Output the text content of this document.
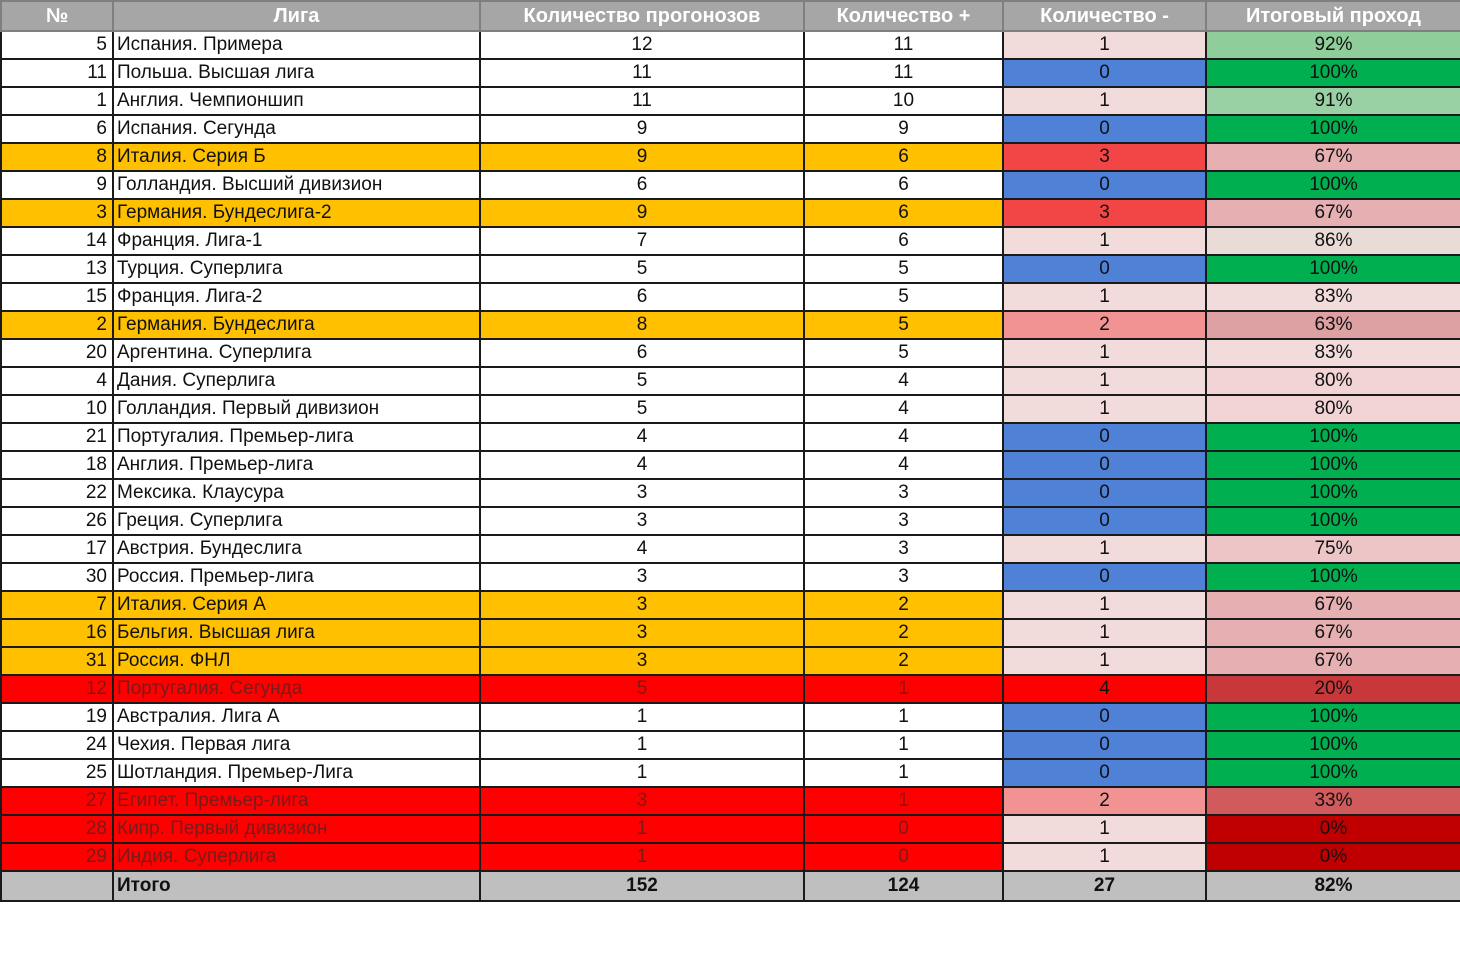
№	Лига	Количество прогонозов	Количество +	Количество -	Итоговый проход
5	Испания. Примера	12	11	1	92%
11	Польша. Высшая лига	11	11	0	100%
1	Англия. Чемпионшип	11	10	1	91%
6	Испания. Сегунда	9	9	0	100%
8	Италия. Серия Б	9	6	3	67%
9	Голландия. Высший дивизион	6	6	0	100%
3	Германия. Бундеслига-2	9	6	3	67%
14	Франция. Лига-1	7	6	1	86%
13	Турция. Суперлига	5	5	0	100%
15	Франция. Лига-2	6	5	1	83%
2	Германия. Бундеслига	8	5	2	63%
20	Аргентина. Суперлига	6	5	1	83%
4	Дания. Суперлига	5	4	1	80%
10	Голландия. Первый дивизион	5	4	1	80%
21	Португалия. Премьер-лига	4	4	0	100%
18	Англия. Премьер-лига	4	4	0	100%
22	Мексика. Клаусура	3	3	0	100%
26	Греция. Суперлига	3	3	0	100%
17	Австрия. Бундеслига	4	3	1	75%
30	Россия. Премьер-лига	3	3	0	100%
7	Италия. Серия А	3	2	1	67%
16	Бельгия. Высшая лига	3	2	1	67%
31	Россия. ФНЛ	3	2	1	67%
12	Португалия. Сегунда	5	1	4	20%
19	Австралия. Лига А	1	1	0	100%
24	Чехия. Первая лига	1	1	0	100%
25	Шотландия. Премьер-Лига	1	1	0	100%
27	Египет. Премьер-лига	3	1	2	33%
28	Кипр. Первый дивизион	1	0	1	0%
29	Индия. Суперлига	1	0	1	0%
	Итого	152	124	27	82%
